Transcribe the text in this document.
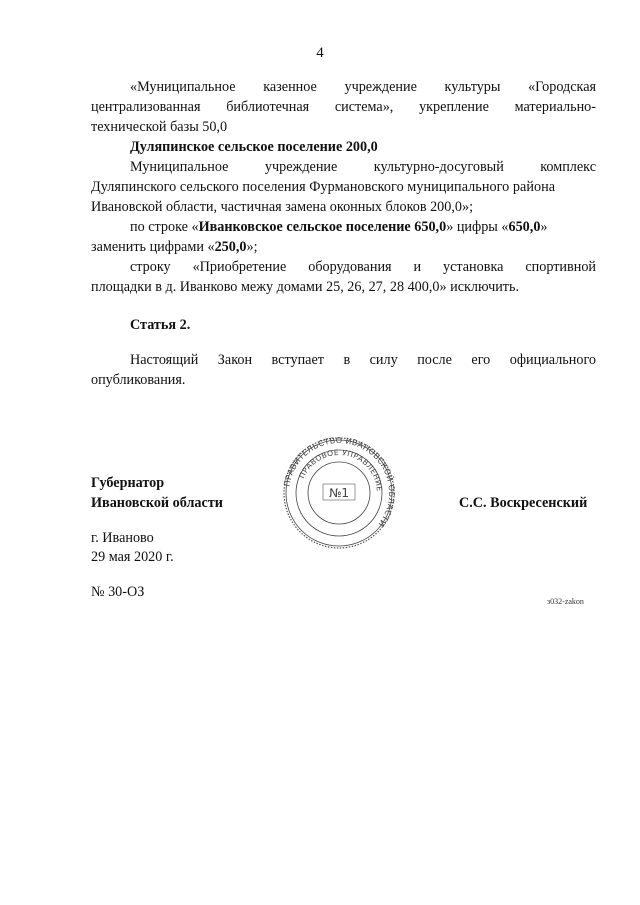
4

«Муниципальное казенное учреждение культуры «Городская

централизованная библиотечная система», укрепление материально-

технической базы 50,0

Дуляпинское сельское поселение 200,0

Муниципальное	учреждение	культурно-досуговый	комплекс

Дуляпинского сельского поселения Фурмановского муниципального района

Ивановской области, частичная замена оконных блоков 200,0»;

по строке «Иванковское сельское поселение 650,0» цифры «650,0»

заменить цифрами «250,0»;

строку «Приобретение оборудования и установка спортивной

площадки в д. Иванково межу домами 25, 26, 27, 28 400,0» исключить.

Статья 2.

Настоящий Закон вступает в силу после его официального

опубликования.

Губернатор
Ивановской области	С.С. Воскресенский
ПРАВИТЕЛЬСТВО ИВАНОВСКОЙ ОБЛАСТИ
ПРАВОВОЕ УПРАВЛЕНИЕ
№1
г. Иваново
29 мая 2020 г.
№ 30-ОЗ
з032-zakon
